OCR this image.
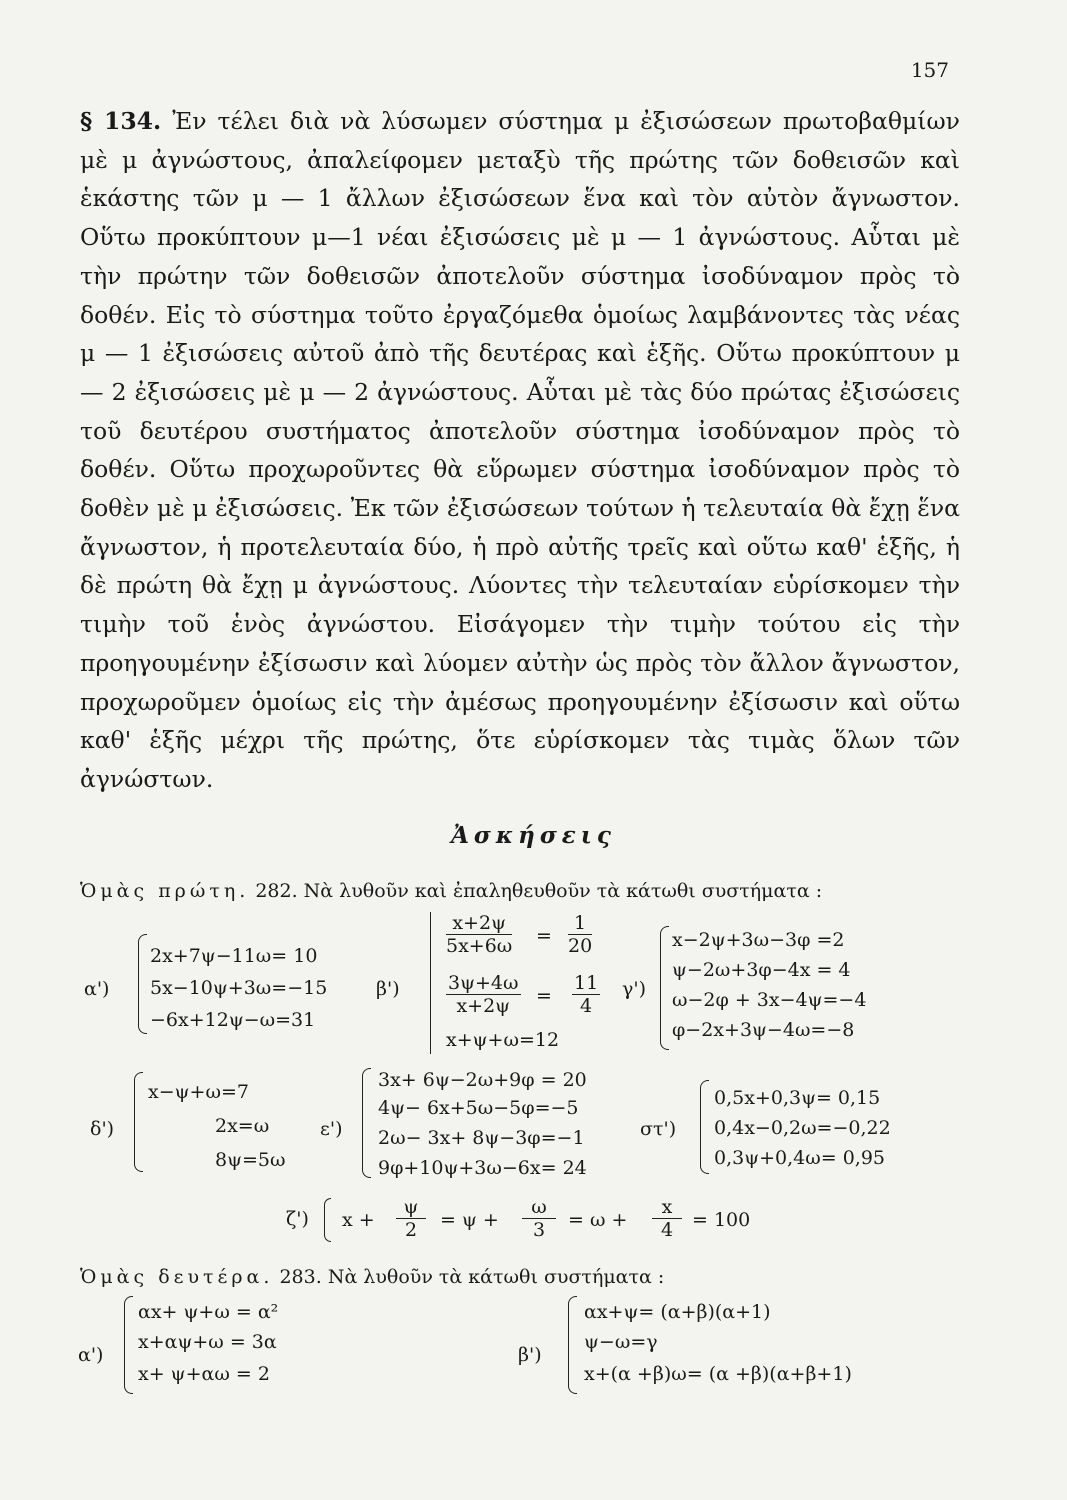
157
§ 134. Ἐν τέλει διὰ νὰ λύσωμεν σύστημα μ ἐξισώσεων πρωτοβαθμίων μὲ μ ἀγνώστους, ἀπαλείφομεν μεταξὺ τῆς πρώτης τῶν δοθεισῶν καὶ ἑκάστης τῶν μ — 1 ἄλλων ἐξισώσεων ἕνα καὶ τὸν αὐτὸν ἄγνωστον. Οὕτω προκύπτουν μ—1 νέαι ἐξισώσεις μὲ μ — 1 ἀγνώστους. Αὗται μὲ τὴν πρώτην τῶν δοθεισῶν ἀποτελοῦν σύστημα ἰσοδύναμον πρὸς τὸ δοθέν. Εἰς τὸ σύστημα τοῦτο ἐργαζόμεθα ὁμοίως λαμβάνοντες τὰς νέας μ — 1 ἐξισώσεις αὐτοῦ ἀπὸ τῆς δευτέρας καὶ ἑξῆς. Οὕτω προκύπτουν μ — 2 ἐξισώσεις μὲ μ — 2 ἀγνώστους. Αὗται μὲ τὰς δύο πρώτας ἐξισώσεις τοῦ δευτέρου συστήματος ἀποτελοῦν σύστημα ἰσοδύναμον πρὸς τὸ δοθέν. Οὕτω προχωροῦντες θὰ εὕρωμεν σύστημα ἰσοδύναμον πρὸς τὸ δοθὲν μὲ μ ἐξισώσεις. Ἐκ τῶν ἐξισώσεων τούτων ἡ τελευταία θὰ ἔχῃ ἕνα ἄγνωστον, ἡ προτελευταία δύο, ἡ πρὸ αὐτῆς τρεῖς καὶ οὕτω καθ' ἑξῆς, ἡ δὲ πρώτη θὰ ἔχῃ μ ἀγνώστους. Λύοντες τὴν τελευταίαν εὑρίσκομεν τὴν τιμὴν τοῦ ἑνὸς ἀγνώστου. Εἰσάγομεν τὴν τιμὴν τούτου εἰς τὴν προηγουμένην ἐξίσωσιν καὶ λύομεν αὐτὴν ὡς πρὸς τὸν ἄλλον ἄγνωστον, προχωροῦμεν ὁμοίως εἰς τὴν ἀμέσως προηγουμένην ἐξίσωσιν καὶ οὕτω καθ' ἑξῆς μέχρι τῆς πρώτης, ὅτε εὑρίσκομεν τὰς τιμὰς ὅλων τῶν ἀγνώστων.
Ἀσκήσεις
Ὁμὰς πρώτη. 282. Νὰ λυθοῦν καὶ ἐπαληθευθοῦν τὰ κάτωθι συστήματα :
α')
2x+7ψ−11ω= 10
5x−10ψ+3ω=−15
−6x+12ψ−ω=31
β')
$\frac{x+2\psi}{5x+6\omega} = \frac{1}{20}$
$\frac{3\psi+4\omega}{x+2\psi} = \frac{11}{4}$
x+ψ+ω=12
γ')
x−2ψ+3ω−3φ =2
ψ−2ω+3φ−4x = 4
ω−2φ + 3x−4ψ=−4
φ−2x+3ψ−4ω=−8
δ')
x−ψ+ω=7
2x=ω
8ψ=5ω
ε')
3x+ 6ψ−2ω+9φ = 20
4ψ− 6x+5ω−5φ=−5
2ω− 3x+ 8ψ−3φ=−1
9φ+10ψ+3ω−6x= 24
στ')
0,5x+0,3ψ= 0,15
0,4x−0,2ω=−0,22
0,3ψ+0,4ω= 0,95
ζ') $x + \frac{\psi}{2} = \psi + \frac{\omega}{3} = \omega + \frac{x}{4} = 100$
Ὁμὰς δευτέρα. 283. Νὰ λυθοῦν τὰ κάτωθι συστήματα :
α')
αx+ ψ+ω = α²
x+αψ+ω = 3α
x+ ψ+αω = 2
β')
αx+ψ= (α+β)(α+1)
ψ−ω=γ
x+(α +β)ω= (α +β)(α+β+1)
